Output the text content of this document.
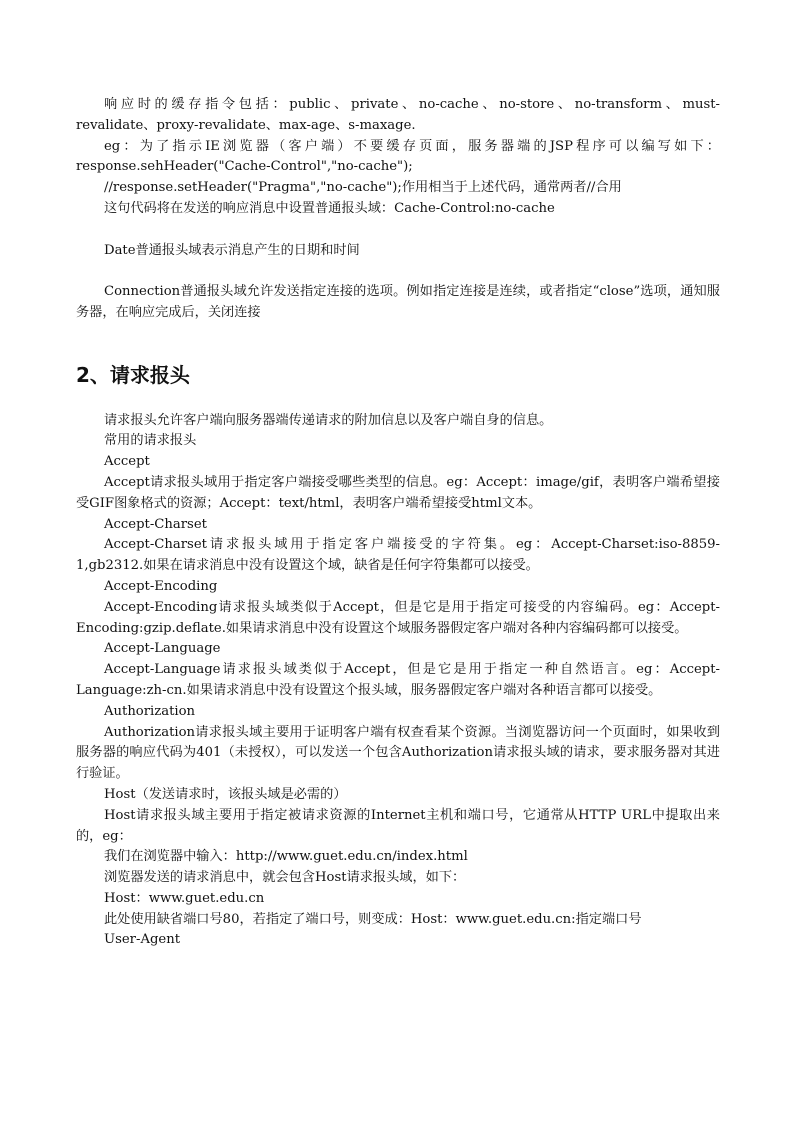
响应时的缓存指令包括：public、private、no-cache、no-store、no-transform、must-revalidate、proxy-revalidate、max-age、s-maxage.

eg：为了指示IE浏览器（客户端）不要缓存页面，服务器端的JSP程序可以编写如下：response.sehHeader("Cache-Control","no-cache");

//response.setHeader("Pragma","no-cache");作用相当于上述代码，通常两者//合用

这句代码将在发送的响应消息中设置普通报头域：Cache-Control:no-cache

Date普通报头域表示消息产生的日期和时间

Connection普通报头域允许发送指定连接的选项。例如指定连接是连续，或者指定“close”选项，通知服务器，在响应完成后，关闭连接

2、请求报头

请求报头允许客户端向服务器端传递请求的附加信息以及客户端自身的信息。

常用的请求报头

Accept

Accept请求报头域用于指定客户端接受哪些类型的信息。eg：Accept：image/gif，表明客户端希望接受GIF图象格式的资源；Accept：text/html，表明客户端希望接受html文本。

Accept-Charset

Accept-Charset请求报头域用于指定客户端接受的字符集。eg：Accept-Charset:iso-8859-1,gb2312.如果在请求消息中没有设置这个域，缺省是任何字符集都可以接受。

Accept-Encoding

Accept-Encoding请求报头域类似于Accept，但是它是用于指定可接受的内容编码。eg：Accept-Encoding:gzip.deflate.如果请求消息中没有设置这个域服务器假定客户端对各种内容编码都可以接受。

Accept-Language

Accept-Language请求报头域类似于Accept，但是它是用于指定一种自然语言。eg：Accept-Language:zh-cn.如果请求消息中没有设置这个报头域，服务器假定客户端对各种语言都可以接受。

Authorization

Authorization请求报头域主要用于证明客户端有权查看某个资源。当浏览器访问一个页面时，如果收到服务器的响应代码为401（未授权），可以发送一个包含Authorization请求报头域的请求，要求服务器对其进行验证。

Host（发送请求时，该报头域是必需的）

Host请求报头域主要用于指定被请求资源的Internet主机和端口号，它通常从HTTP URL中提取出来的，eg：

我们在浏览器中输入：http://www.guet.edu.cn/index.html

浏览器发送的请求消息中，就会包含Host请求报头域，如下：

Host：www.guet.edu.cn

此处使用缺省端口号80，若指定了端口号，则变成：Host：www.guet.edu.cn:指定端口号

User-Agent
